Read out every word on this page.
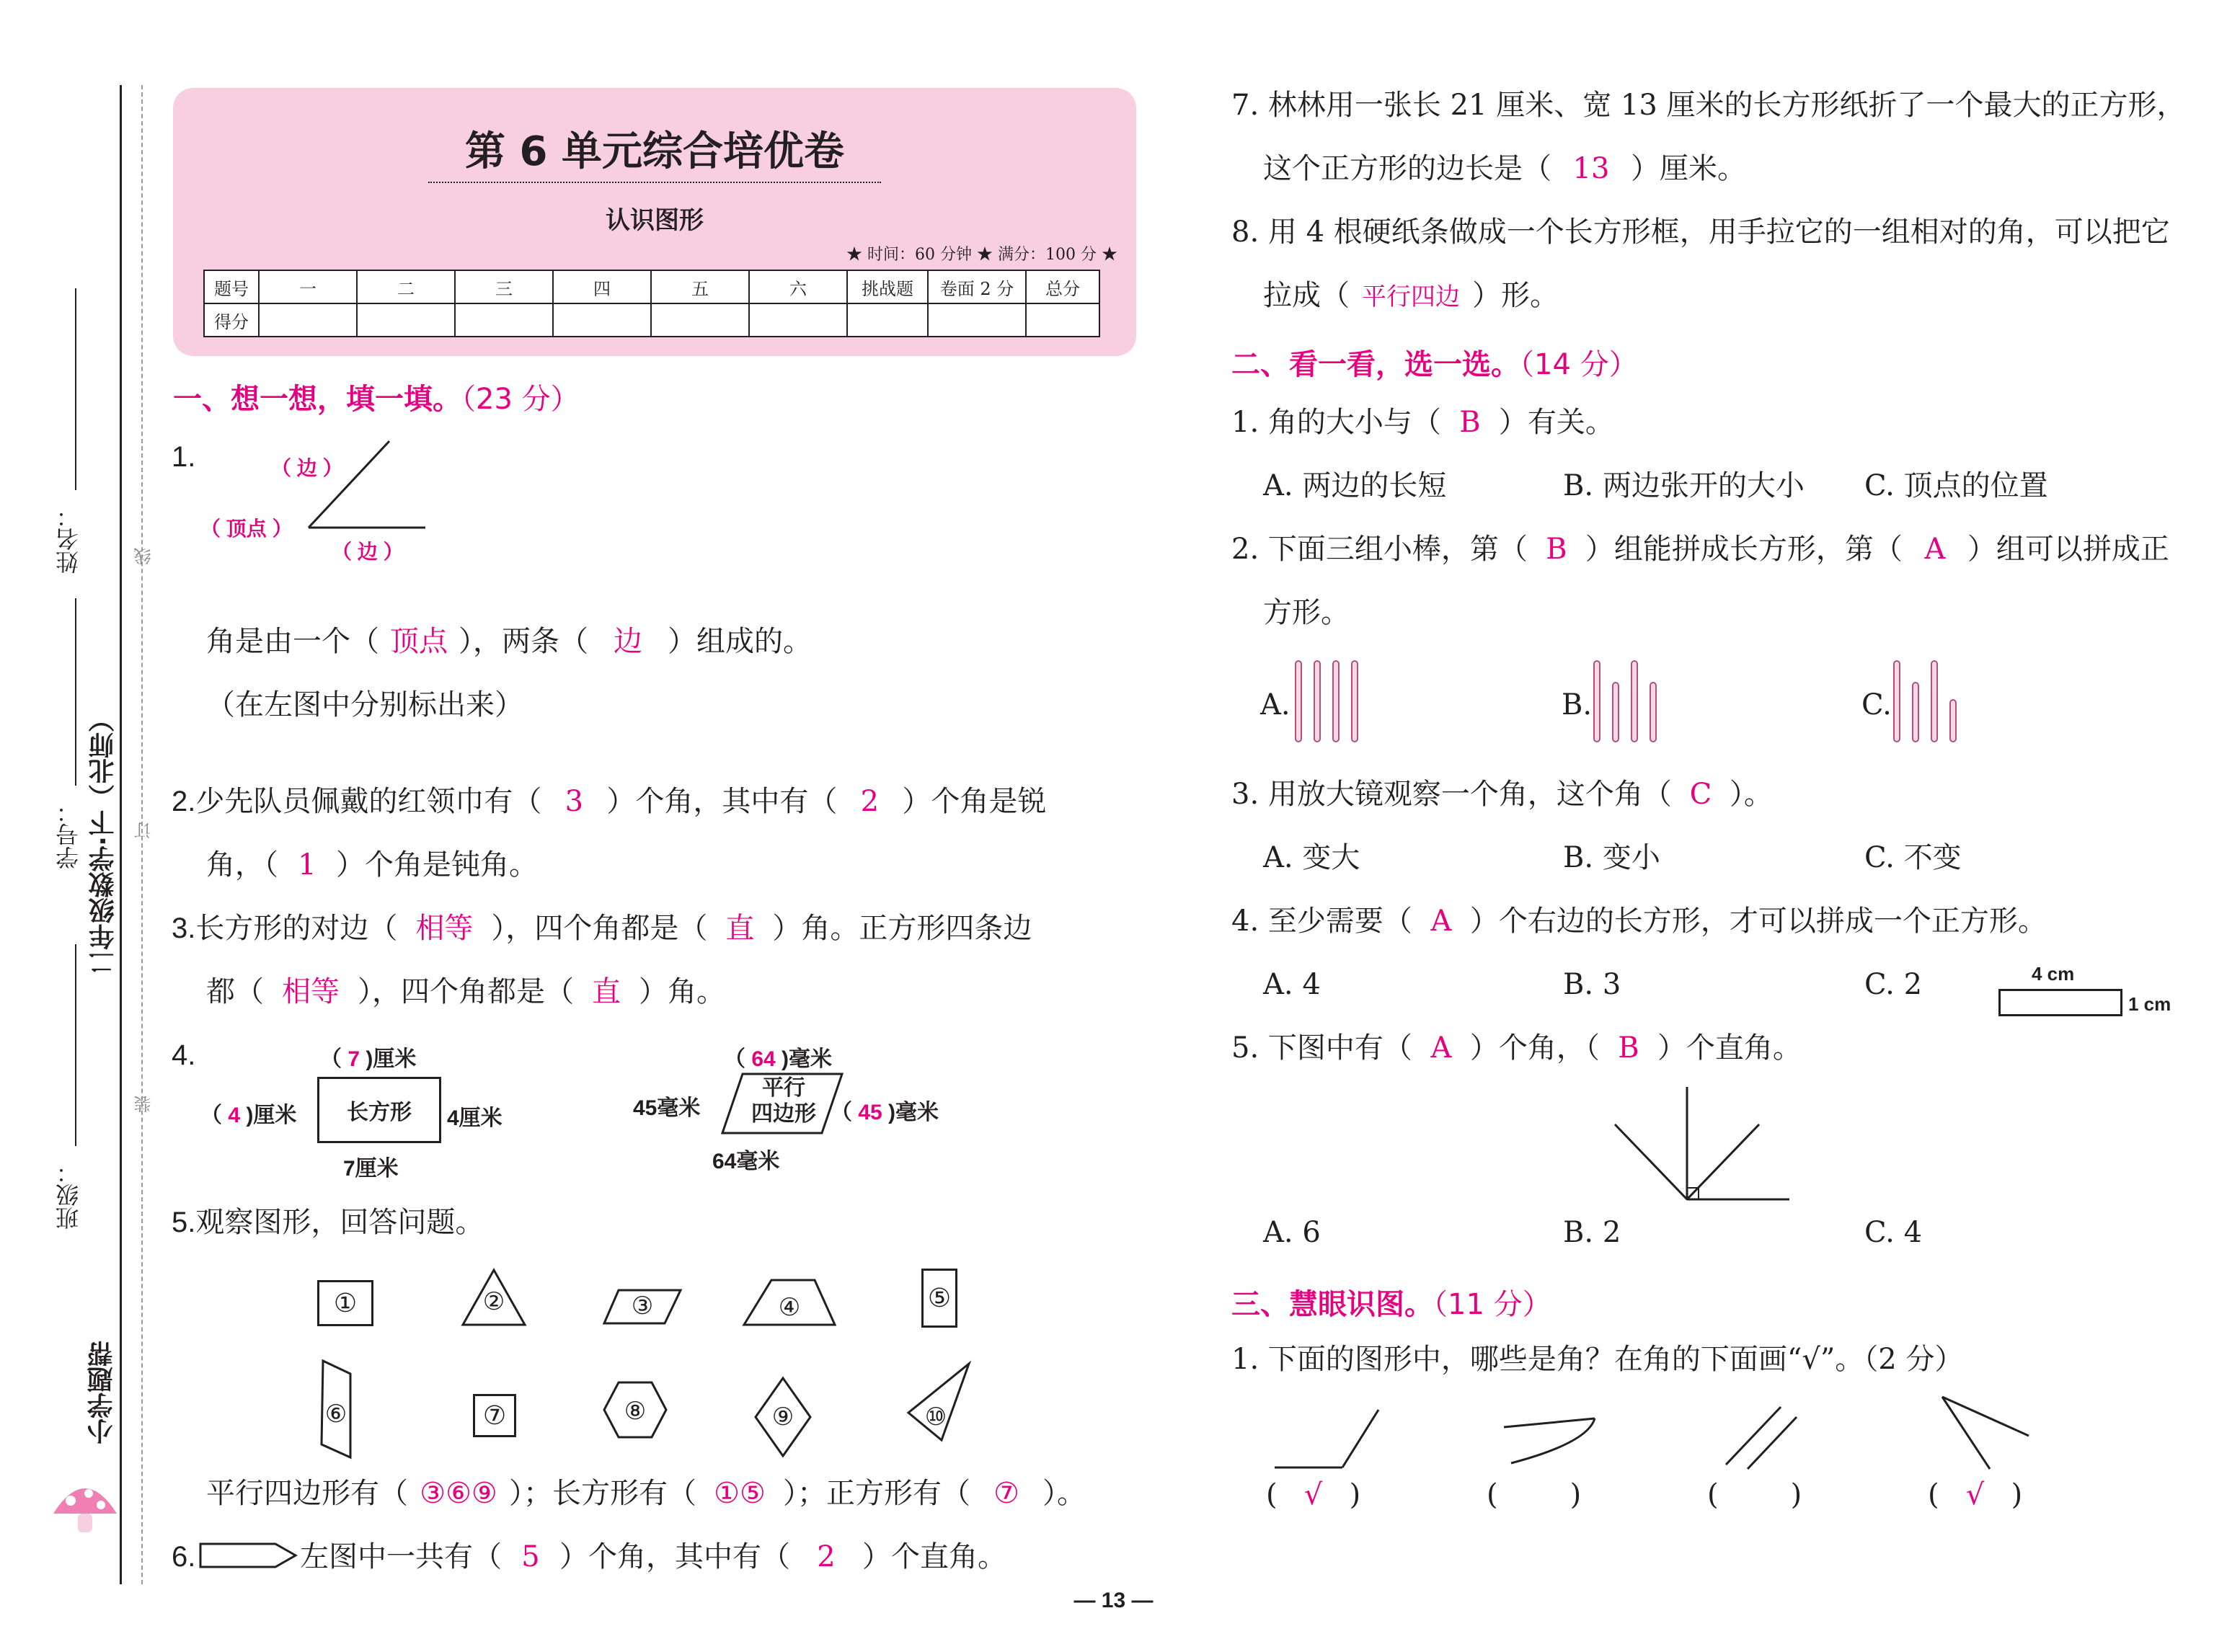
姓名：
学号：
班级：
二年级数学·下（北师）
小学题帮
线
订
装
第 6 单元综合培优卷
认识图形
★ 时间：60 分钟 ★ 满分：100 分 ★
题号	一	二	三	四	五	六	挑战题	卷面 2 分	总分
得分									
一、想一想，填一填。（23 分）
1.	（ 边 ）
（ 顶点 ）
（ 边 ）
角是由一个（ 顶点 ），两条（ 边 ）组成的。
（在左图中分别标出来）
2.少先队员佩戴的红领巾有（ 3 ）个角，其中有（ 2 ）个角是锐
角，（ 1 ）个角是钝角。
3.长方形的对边（ 相等 ），四个角都是（ 直 ）角。正方形四条边
都（ 相等 ），四个角都是（ 直 ）角。
4.	（ 7 )厘米
长方形
（ 4 )厘米	4厘米
7厘米
（ 64 )毫米
平行
四边形
45毫米	（ 45 )毫米
64毫米
5.观察图形，回答问题。
①	②	③	④	⑤
⑥	⑦	⑧	⑨	⑩
平行四边形有（ ③⑥⑨ ）；长方形有（ ①⑤ ）；正方形有（ ⑦ ）。
6.	左图中一共有（ 5 ）个角，其中有（ 2 ）个直角。
7. 林林用一张长 21 厘米、宽 13 厘米的长方形纸折了一个最大的正方形，
这个正方形的边长是（ 13 ）厘米。
8. 用 4 根硬纸条做成一个长方形框，用手拉它的一组相对的角，可以把它
拉成（ 平行四边 ）形。
二、看一看，选一选。（14 分）
1. 角的大小与（ B ）有关。
A. 两边的长短	B. 两边张开的大小 C. 顶点的位置
2. 下面三组小棒，第（ B ）组能拼成长方形，第（ A ）组可以拼成正
方形。
A.	B.	C.
3. 用放大镜观察一个角，这个角（ C ）。
A. 变大	B. 变小	C. 不变
4. 至少需要（ A ）个右边的长方形，才可以拼成一个正方形。
A. 4	B. 3	C. 2	4 cm
1 cm
5. 下图中有（ A ）个角，（ B ）个直角。
A. 6	B. 2	C. 4
三、慧眼识图。（11 分）
1. 下面的图形中，哪些是角？在角的下面画“√”。（2 分）
( √ )	(	)	(	)	( √ )
— 13 —
